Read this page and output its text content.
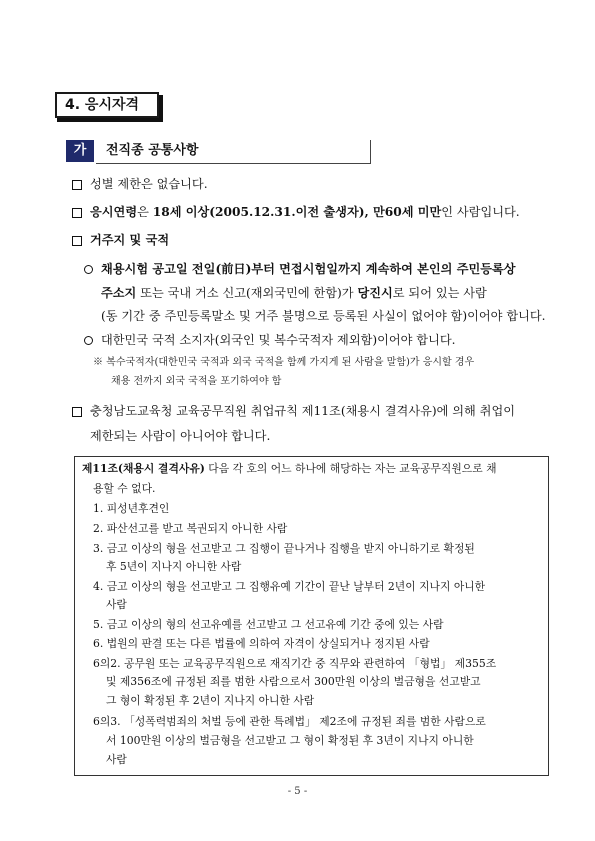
4. 응시자격
가	전직종 공통사항
성별 제한은 없습니다.
응시연령은 18세 이상(2005.12.31.이전 출생자), 만60세 미만인 사람입니다.
거주지 및 국적
채용시험 공고일 전일(前日)부터 면접시험일까지 계속하여 본인의 주민등록상
주소지 또는 국내 거소 신고(재외국민에 한함)가 당진시로 되어 있는 사람
(동 기간 중 주민등록말소 및 거주 불명으로 등록된 사실이 없어야 함)이어야 합니다.
대한민국 국적 소지자(외국인 및 복수국적자 제외함)이어야 합니다.
※ 복수국적자(대한민국 국적과 외국 국적을 함께 가지게 된 사람을 말함)가 응시할 경우
채용 전까지 외국 국적을 포기하여야 함
충청남도교육청 교육공무직원 취업규칙 제11조(채용시 결격사유)에 의해 취업이
제한되는 사람이 아니어야 합니다.
제11조(채용시 결격사유) 다음 각 호의 어느 하나에 해당하는 자는 교육공무직원으로 채
용할 수 없다.
1. 피성년후견인
2. 파산선고를 받고 복권되지 아니한 사람
3. 금고 이상의 형을 선고받고 그 집행이 끝나거나 집행을 받지 아니하기로 확정된
후 5년이 지나지 아니한 사람
4. 금고 이상의 형을 선고받고 그 집행유예 기간이 끝난 날부터 2년이 지나지 아니한
사람
5. 금고 이상의 형의 선고유예를 선고받고 그 선고유예 기간 중에 있는 사람
6. 법원의 판결 또는 다른 법률에 의하여 자격이 상실되거나 정지된 사람
6의2. 공무원 또는 교육공무직원으로 재직기간 중 직무와 관련하여 「형법」 제355조
및 제356조에 규정된 죄를 범한 사람으로서 300만원 이상의 벌금형을 선고받고
그 형이 확정된 후 2년이 지나지 아니한 사람
6의3. 「성폭력범죄의 처벌 등에 관한 특례법」 제2조에 규정된 죄를 범한 사람으로
서 100만원 이상의 벌금형을 선고받고 그 형이 확정된 후 3년이 지나지 아니한
사람
- 5 -
